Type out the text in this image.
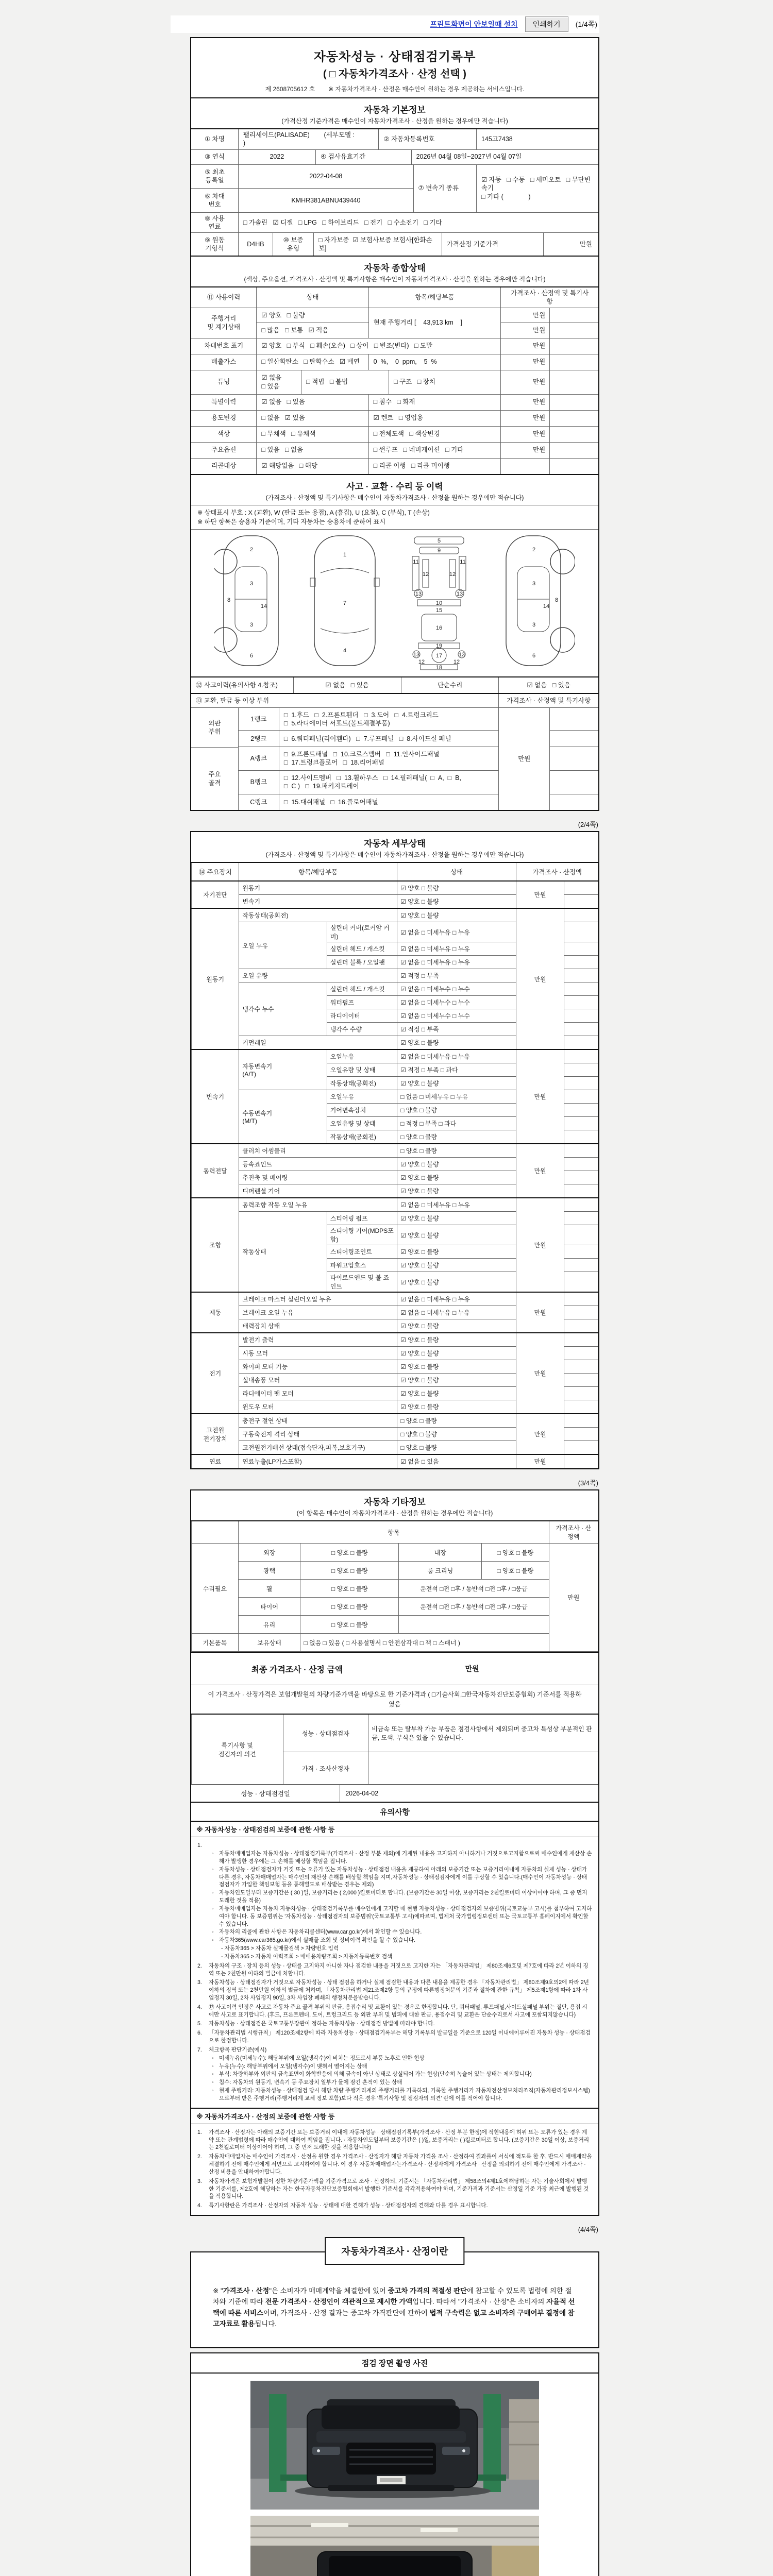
프린트화면이 안보일때 설치	인쇄하기	(1/4쪽)
자동차성능 · 상태점검기록부
( □ 자동차가격조사 · 산정 선택 )
제 2608705612 호 ※ 자동차가격조사 · 산정은 매수인이 원하는 경우 제공하는 서비스입니다.
자동차 기본정보
(가격산정 기준가격은 매수인이 자동차가격조사 · 산정을 원하는 경우에만 적습니다)
① 차명
팰리세이드(PALISADE)        (세부모델 :                )
② 자동차등록번호	145고7438
③ 연식	2022	④ 검사유효기간	2026년 04월 08일~2027년 04월 07일
⑤ 최초
등록일
2022-04-08
⑥ 차대
번호
KMHR381ABNU439440
⑦ 변속기 종류
☑ 자동   □ 수동   □ 세미오토   □ 무단변속기
□ 기타 (              )
⑧ 사용
연료
□ 가솔린   ☑ 디젤   □ LPG   □ 하이브리드   □ 전기   □ 수소전기   □ 기타
⑨ 원동
기형식
D4HB
⑩ 보증
유형
□ 자가보증  ☑ 보험사보증 보험사[한화손보]
가격산정 기준가격	만원
자동차 종합상태
(색상, 주요옵션, 가격조사 · 산정액 및 특기사항은 매수인이 자동차가격조사 · 산정을 원하는 경우에만 적습니다)
⑪ 사용이력	상태	항목/해당부품
가격조사 · 산정액 및 특기사
항
주행거리
및 계기상태
☑ 양호   □ 불량
□ 많음   □ 보통   ☑ 적음
현재 주행거리 [    43,913 km    ]
만원
만원
차대번호 표기	☑ 양호   □ 부식   □ 훼손(오손)   □ 상이   □ 변조(변타)   □ 도말	만원
배출가스	□ 일산화탄소   □ 탄화수소   ☑ 매연	0  %,    0  ppm,    5  %	만원
튜닝
☑ 없음
□ 있음
□ 적법   □ 불법	□ 구조   □ 장치	만원
특별이력	☑ 없음   □ 있음	□ 침수   □ 화재	만원
용도변경	□ 없음   ☑ 있음	☑ 렌트   □ 영업용	만원
색상	□ 무채색   □ 유채색	□ 전체도색   □ 색상변경	만원
주요옵션	□ 있음   □ 없음	□ 썬루프   □ 네비게이션   □ 기타	만원
리콜대상	☑ 해당없음   □ 해당	□ 리콜 이행   □ 리콜 미이행
사고 · 교환 · 수리 등 이력
(가격조사 · 산정액 및 특기사항은 매수인이 자동차가격조사 · 산정을 원하는 경우에만 적습니다)
※ 상태표시 부호 : X (교환), W (판금 또는 용접), A (흠집), U (요철), C (부식), T (손상)
※ 하단 항목은 승용차 기준이며, 기타 자동차는 승용차에 준하여 표시
2
3
8
14
3
6
2
3
8
14
3
6
1
7
4
5
9
11	11
12	12
13	13
10
15
16
19
13	13
17
12	12
18
⑫ 사고이력(유의사항 4.참조)	☑ 없음   □ 있음	단순수리	☑ 없음   □ 있음
⑬ 교환, 판금 등 이상 부위	가격조사 · 산정액 및 특기사항
외판
부위
주요
골격
1랭크
2랭크
A랭크
B랭크
C랭크
□  1.후드   □  2.프론트휀더   □  3.도어   □  4.트렁크리드
□  5.라디에이터 서포트(볼트체결부품)
□  6.쿼터패널(리어휀다)   □  7.루프패널   □  8.사이드실 패널
□  9.프론트패널   □  10.크로스멤버   □  11.인사이드패널
□  17.트렁크플로어   □  18.리어패널
□  12.사이드멤버   □  13.휠하우스   □  14.필러패널(  □  A,  □  B,
□  C )   □  19.패키지트레이
□  15.대쉬패널   □  16.플로어패널
만원
(2/4쪽)
자동차 세부상태
(가격조사 · 산정액 및 특기사항은 매수인이 자동차가격조사 · 산정을 원하는 경우에만 적습니다)
⑭ 주요장치	항목/해당부품		상태	가격조사 · 산정액	
자기진단	원동기		☑ 양호 □ 불량	만원	
	변속기		☑ 양호 □ 불량		
원동기	작동상태(공회전)		☑ 양호 □ 불량	만원	
	오일 누유	실린더 커버(로커암 커버)	☑ 없음 □ 미세누유 □ 누유		
		실린더 헤드 / 개스킷	☑ 없음 □ 미세누유 □ 누유		
		실린더 블록 / 오일팬	☑ 없음 □ 미세누유 □ 누유		
	오일 유량		☑ 적정 □ 부족		
	냉각수 누수	실린더 헤드 / 개스킷	☑ 없음 □ 미세누수 □ 누수		
		워터펌프	☑ 없음 □ 미세누수 □ 누수		
		라디에이터	☑ 없음 □ 미세누수 □ 누수		
		냉각수 수량	☑ 적정 □ 부족		
	커먼레일		☑ 양호 □ 불량		
변속기	자동변속기
(A/T)	오일누유	☑ 없음 □ 미세누유 □ 누유	만원	
		오일유량 및 상태	☑ 적정 □ 부족 □ 과다		
		작동상태(공회전)	☑ 양호 □ 불량		
	수동변속기
(M/T)	오일누유	□ 없음 □ 미세누유 □ 누유		
		기어변속장치	□ 양호 □ 불량		
		오일유량 및 상태	□ 적정 □ 부족 □ 과다		
		작동상태(공회전)	□ 양호 □ 불량		
동력전달	클러치 어셈블리		□ 양호 □ 불량	만원	
	등속죠인트		☑ 양호 □ 불량		
	추진축 및 베어링		☑ 양호 □ 불량		
	디퍼렌셜 기어		☑ 양호 □ 불량		
조향	동력조향 작동 오일 누유		☑ 없음 □ 미세누유 □ 누유	만원	
	작동상태	스티어링 펌프	☑ 양호 □ 불량		
		스티어링 기어(MDPS포함)	☑ 양호 □ 불량		
		스티어링조인트	☑ 양호 □ 불량		
		파워고압호스	☑ 양호 □ 불량		
		타이로드엔드 및 볼 죠인트	☑ 양호 □ 불량		
제동	브레이크 마스터 실린더오일 누유		☑ 없음 □ 미세누유 □ 누유	만원	
	브레이크 오일 누유		☑ 없음 □ 미세누유 □ 누유		
	배력장치 상태		☑ 양호 □ 불량		
전기	발전기 출력		☑ 양호 □ 불량	만원	
	시동 모터		☑ 양호 □ 불량		
	와이퍼 모터 기능		☑ 양호 □ 불량		
	실내송풍 모터		☑ 양호 □ 불량		
	라디에이터 팬 모터		☑ 양호 □ 불량		
	윈도우 모터		☑ 양호 □ 불량		
고전원
전기장치	충전구 절연 상태		□ 양호 □ 불량	만원	
	구동축전지 격리 상태		□ 양호 □ 불량		
	고전원전기배선 상태(접속단자,피복,보호기구)		□ 양호 □ 불량		
연료	연료누출(LP가스포함)		☑ 없음 □ 있음	만원	
(3/4쪽)
자동차 기타정보
(이 항목은 매수인이 자동차가격조사 · 산정을 원하는 경우에만 적습니다)
	항목				가격조사 · 산
정액
수리필요	외장	□ 양호 □ 불량	내장	□ 양호 □ 불량	만원
	광택	□ 양호 □ 불량	룸 크리닝	□ 양호 □ 불량	
	휠	□ 양호 □ 불량	운전석 □전 □후 / 동반석 □전 □후 / □응급		
	타이어	□ 양호 □ 불량	운전석 □전 □후 / 동반석 □전 □후 / □응급		
	유리	□ 양호 □ 불량			
기본품목	보유상태	□ 없음 □ 있음 ( □ 사용설명서 □ 안전삼각대 □ 잭 □ 스패너 )			
최종 가격조사 · 산정 금액	만원
이 가격조사 · 산정가격은 보험개발원의 차량기준가액을 바탕으로 한 기준가격과 ( □기술사회,□한국자동차진단보증협회) 기준서를 적용하였음
특기사항 및
점검자의 의견	성능 · 상태점검자	비금속 또는 탈부착 가능 부품은 점검사항에서 제외되며 중고차 특성상 부분적인 판금, 도색, 부식은 있을 수 있습니다.
	가격 · 조사산정자	
성능 · 상태점검일	2026-04-02
유의사항
※ 자동차성능 · 상태점검의 보증에 관한 사항 등
1.
◦ 자동차매매업자는 자동차성능 · 상태점검기록부(가격조사 · 산정 부분 제외)에 기재된 내용을 고지하지 아니하거나 거짓으로고지함으로써 매수인에게 재산상 손해가 발생한 경우에는 그 손해를 배상할 책임을 집니다.
◦ 자동차성능 · 상태점검자가 거짓 또는 오류가 있는 자동차성능 · 상태점검 내용을 제공하여 아래의 보증기간 또는 보증거리이내에 자동차의 실제 성능 · 상태가 다른 경우, 자동차매매업자는 매수인의 재산상 손해를 배상할 책임을 지며,자동차성능 · 상태점검자에게 이를 구상할 수 있습니다.(매수인이 자동차성능 · 상태점검자가 가입한 책임보험 등을 통해별도로 배상받는 경우는 제외)
◦ 자동차인도일부터 보증기간은 ( 30 )일, 보증거리는 ( 2,000 )킬로미터로 합니다. (보증기간은 30일 이상, 보증거리는 2천킬로미터 이상이어야 하며, 그 중 먼저 도래한 것을 적용)
◦ 자동차매매업자는 자동차 자동차성능 · 상태점검기록부를 매수인에게 고지할 때 현행 자동차성능 · 상태점검자의 보증범위(국토교통부 고시)를 첨부하여 고지하여야 합니다. 동 보증범위는 '자동차성능 · 상태점검자의 보증범위'(국토교통부 고시)에따르며, 법제처 국가법령정보센터 또는 국토교통부 홈페이지에서 확인할 수 있습니다.
◦ 자동차의 리콜에 관한 사항은 자동차리콜센터(www.car.go.kr)에서 확인할 수 있습니다.
◦ 자동차365(www.car365.go.kr)에서 실매물 조회 및 정비이력 확인을 할 수 있습니다.
- 자동차365 > 자동차 실매물검색 > 차량번호 입력
- 자동차365 > 자동차 이력조회 > 매매용차량조회 > 자동차등록번호 검색
2.	자동차의 구조 · 장치 등의 성능 · 상태를 고지하지 아니한 자나 점검한 내용을 거짓으로 고지한 자는 「자동차관리법」 제80조제6호및 제7호에 따라 2년 이하의 징역 또는 2천만원 이하의 벌금에 처합니다.
3.	자동차성능 · 상태점검자가 거짓으로 자동차성능 · 상태 점검을 하거나 실제 점검한 내용과 다른 내용을 제공한 경우 「자동차관리법」 제80조제9호의2에 따라 2년 이하의 징역 또는 2천만원 이하의 벌금에 처하며, 「자동차관리법 제21조제2항 등의 규정에 따른행정처분의 기준과 절차에 관한 규칙」 제5조제1항에 따라 1차 사업정지 30일, 2차 사업정지 90일, 3차 사업장 폐쇄의 행정처분을받습니다.
4.	⑫ 사고이력 인정은 사고로 자동차 주요 골격 부위의 판금, 용접수리 및 교환이 있는 경우로 한정합니다. 단, 쿼터패널, 루프패널,사이드실패널 부위는 절단, 용접 시에만 사고로 표기합니다. (후드, 프론트펜더, 도어, 트렁크리드 등 외판 부위 및 범퍼에 대한 판금, 용접수리 및 교환은 단순수리로서 사고에 포함되지않습니다)
5.	자동차성능 · 상태점검은 국토교통부장관이 정하는 자동차성능 · 상태점검 방법에 따라야 합니다.
6.	「자동차관리법 시행규칙」 제120조제2항에 따라 자동차성능 · 상태점검기록부는 해당 기록부의 발급일을 기준으로 120일 이내에이루어진 자동차 성능 · 상태점검으로 한정합니다.
7.	체크항목 판단기준(예시)
◦ 미세누유(미세누수): 해당부위에 오일(냉각수)이 비치는 정도로서 부품 노후로 인한 현상
◦ 누유(누수): 해당부위에서 오일(냉각수)이 맺혀서 떨어지는 상태
◦ 부식: 차량하부와 외판의 금속표면이 화학반응에 의해 금속이 아닌 상태로 상실되어 가는 현상(단순히 녹슬어 있는 상태는 제외합니다)
◦ 침수: 자동차의 원동기, 변속기 등 주요장치 일부가 물에 잠긴 흔적이 있는 상태
◦ 현재 주행거리: 자동차성능 · 상태점검 당시 해당 차량 주행거리계의 주행거리를 기록하되, 기록한 주행거리가 자동차전산정보처리조직(자동차관리정보시스템)으로부터 받은 주행거리(주행거리계 교체 정보 포함)보다 적은 경우 '특기사항 및 점검자의 의견' 란에 이를 적어야 합니다.
※ 자동차가격조사 · 산정의 보증에 관한 사항 등
1.	가격조사 · 산정자는 아래의 보증기간 또는 보증거리 이내에 자동차성능 · 상태점검기록부(가격조사 · 산정 부분 한정)에 적힌내용에 허위 또는 오류가 있는 경우 계약 또는 관계법령에 따라 매수인에 대하여 책임을 집니다. · 자동차인도일부터 보증기간은 ( )일, 보증거리는 ( )킬로미터로 합니다. (보증기간은 30일 이상, 보증거리는 2천킬로미터 이상이어야 하며, 그 중 먼저 도래한 것을 적용합니다)
2.	자동차매매업자는 매수인이 가격조사 · 산정을 원할 경우 가격조사 · 산정자가 해당 자동차 가격을 조사 · 산정하여 결과를이 서식에 적도록 한 후, 반드시 매매계약을 체결하기 전에 매수인에게 서면으로 고지하여야 합니다. 이 경우 자동차매매업자는가격조사 · 산정자에게 가격조사 · 산정을 의뢰하기 전에 매수인에게 가격조사 · 산정 비용을 안내하여야합니다.
3.	자동차가격은 보험개발원이 정한 차량기준가액을 기준가격으로 조사 · 산정하되, 기준서는 「자동차관리법」 제58조의4제1호에해당하는 자는 기술사회에서 발행한 기준서를, 제2호에 해당하는 자는 한국자동차진단보증협회에서 발행한 기준서를 각각적용하여야 하며, 기준가격과 기준서는 산정일 기준 가장 최근에 발행된 것을 적용합니다.
4.	특기사항란은 가격조사 · 산정자의 자동차 성능 · 상태에 대한 견해가 성능 · 상태점검자의 견해와 다를 경우 표시합니다.
(4/4쪽)
자동차가격조사 · 산정이란
※ "가격조사 · 산정"은 소비자가 매매계약을 체결함에 있어 중고차 가격의 적절성 판단에 참고할 수 있도록 법령에 의한 절차와 기준에 따라 전문 가격조사 · 산정인이 객관적으로 제시한 가액입니다. 따라서 "가격조사 · 산정"은 소비자의 자율적 선택에 따른 서비스이며, 가격조사 · 산정 결과는 중고차 가격판단에 관하여 법적 구속력은 없고 소비자의 구매여부 결정에 참고자료로 활용됩니다.
점검 장면 촬영 사진
